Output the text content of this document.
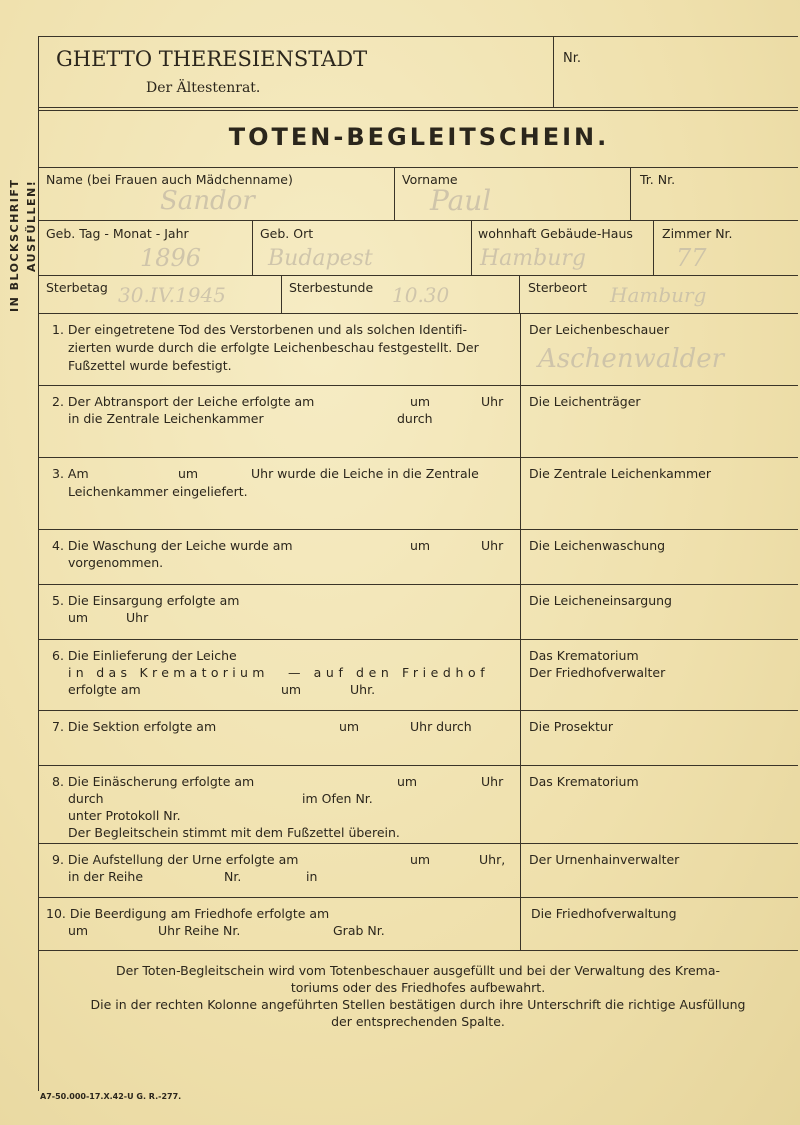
IN BLOCKSCHRIFT AUSFÜLLEN!
GHETTO THERESIENSTADT
Der Ältestenrat.
Nr.
TOTEN-BEGLEITSCHEIN.
Name (bei Frauen auch Mädchenname)
Sandor
Vorname
Paul
Tr. Nr.
Geb. Tag - Monat - Jahr
1896
Geb. Ort
Budapest
wohnhaft Gebäude-Haus
Hamburg
Zimmer Nr.
77
Sterbetag 30.IV.1945	Sterbestunde 10.30	Sterbeort Hamburg
1. Der eingetretene Tod des Verstorbenen und als solchen Identifi-
zierten wurde durch die erfolgte Leichenbeschau festgestellt. Der
Fußzettel wurde befestigt.
Der Leichenbeschauer
Aschenwalder
2. Der Abtransport der Leiche erfolgte am	um	Uhr
in die Zentrale Leichenkammer	durch
Die Leichenträger
3. Am	um	Uhr wurde die Leiche in die Zentrale
Leichenkammer eingeliefert.
Die Zentrale Leichenkammer
4. Die Waschung der Leiche wurde am	um	Uhr
vorgenommen.
Die Leichenwaschung
5. Die Einsargung erfolgte am
um	Uhr
Die Leicheneinsargung
6. Die Einlieferung der Leiche
in das Krematorium — auf den Friedhof
erfolgte am	um	Uhr.
Das Krematorium
Der Friedhofverwalter
7. Die Sektion erfolgte am	um	Uhr durch	Die Prosektur
8. Die Einäscherung erfolgte am	um	Uhr
durch	im Ofen Nr.
unter Protokoll Nr.
Der Begleitschein stimmt mit dem Fußzettel überein.
Das Krematorium
9. Die Aufstellung der Urne erfolgte am	um	Uhr,
in der Reihe	Nr.	in
Der Urnenhainverwalter
10. Die Beerdigung am Friedhofe erfolgte am
um	Uhr Reihe Nr.	Grab Nr.
Die Friedhofverwaltung
Der Toten-Begleitschein wird vom Totenbeschauer ausgefüllt und bei der Verwaltung des Krema-
toriums oder des Friedhofes aufbewahrt.
Die in der rechten Kolonne angeführten Stellen bestätigen durch ihre Unterschrift die richtige Ausfüllung
der entsprechenden Spalte.
A7-50.000-17.X.42-U G. R.-277.
